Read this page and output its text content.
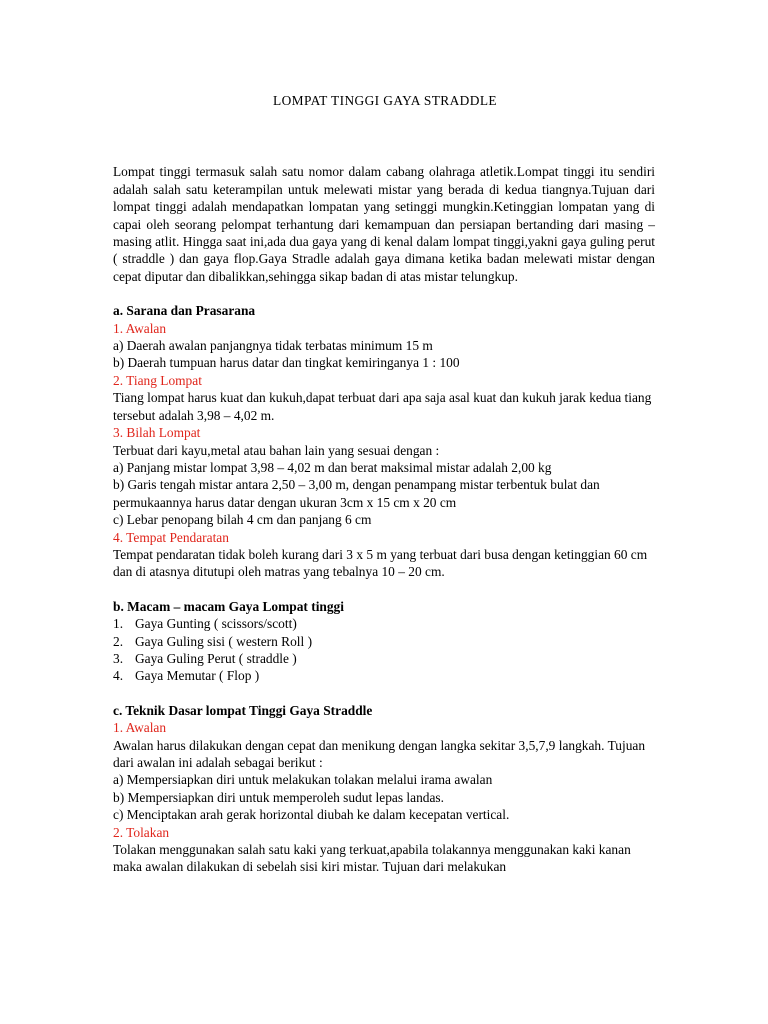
LOMPAT TINGGI GAYA STRADDLE

Lompat tinggi termasuk salah satu nomor dalam cabang olahraga atletik.Lompat tinggi itu sendiri adalah salah satu keterampilan untuk melewati mistar yang berada di kedua tiangnya.Tujuan dari lompat tinggi adalah mendapatkan lompatan yang setinggi mungkin.Ketinggian lompatan yang di capai oleh seorang pelompat terhantung dari kemampuan dan persiapan bertanding dari masing – masing atlit. Hingga saat ini,ada dua gaya yang di kenal dalam lompat tinggi,yakni gaya guling perut ( straddle ) dan gaya flop.Gaya Stradle adalah gaya dimana ketika badan melewati mistar dengan cepat diputar dan dibalikkan,sehingga sikap badan di atas mistar telungkup.

a. Sarana dan Prasarana

1. Awalan

a) Daerah awalan panjangnya tidak terbatas minimum 15 m

b) Daerah tumpuan harus datar dan tingkat kemiringanya 1 : 100

2. Tiang Lompat

Tiang lompat harus kuat dan kukuh,dapat terbuat dari apa saja asal kuat dan kukuh jarak kedua tiang tersebut adalah 3,98 – 4,02 m.

3. Bilah Lompat

Terbuat dari kayu,metal atau bahan lain yang sesuai dengan :

a) Panjang mistar lompat 3,98 – 4,02 m dan berat maksimal mistar adalah 2,00 kg

b) Garis tengah mistar antara 2,50 – 3,00 m, dengan penampang mistar terbentuk bulat dan permukaannya harus datar dengan ukuran 3cm x 15 cm x 20 cm

c) Lebar penopang bilah 4 cm dan panjang 6 cm

4. Tempat Pendaratan

Tempat pendaratan tidak boleh kurang dari 3 x 5 m yang terbuat dari busa dengan ketinggian 60 cm dan di atasnya ditutupi oleh matras yang tebalnya 10 – 20 cm.

b. Macam – macam Gaya Lompat tinggi

1. Gaya Gunting ( scissors/scott)
2. Gaya Guling sisi ( western Roll )
3. Gaya Guling Perut ( straddle )
4. Gaya Memutar ( Flop )

c. Teknik Dasar lompat Tinggi Gaya Straddle

1. Awalan

Awalan harus dilakukan dengan cepat dan menikung dengan langka sekitar 3,5,7,9 langkah. Tujuan dari awalan ini adalah sebagai berikut :

a) Mempersiapkan diri untuk melakukan tolakan melalui irama awalan

b) Mempersiapkan diri untuk memperoleh sudut lepas landas.

c) Menciptakan arah gerak horizontal diubah ke dalam kecepatan vertical.

2. Tolakan

Tolakan menggunakan salah satu kaki yang terkuat,apabila tolakannya menggunakan kaki kanan maka awalan dilakukan di sebelah sisi kiri mistar. Tujuan dari melakukan
